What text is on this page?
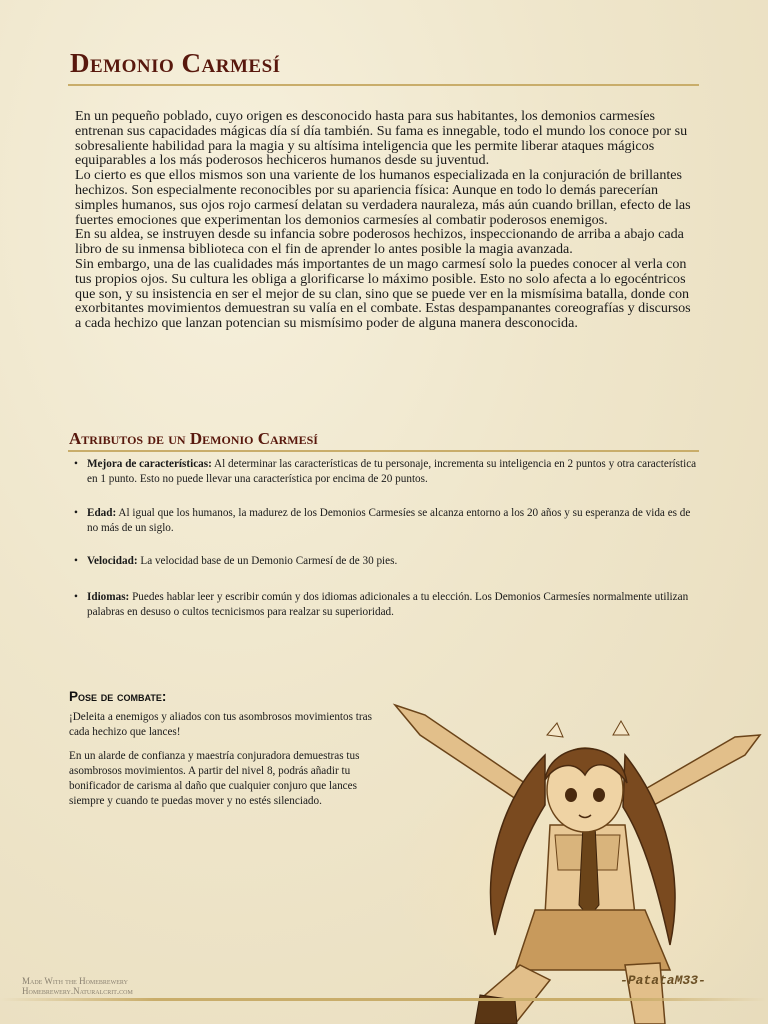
Demonio Carmesí

En un pequeño poblado, cuyo origen es desconocido hasta para sus habitantes, los demonios carmesíes entrenan sus capacidades mágicas día sí día también. Su fama es innegable, todo el mundo los conoce por su sobresaliente habilidad para la magia y su altísima inteligencia que les permite liberar ataques mágicos equiparables a los más poderosos hechiceros humanos desde su juventud.

Lo cierto es que ellos mismos son una variente de los humanos especializada en la conjuración de brillantes hechizos. Son especialmente reconocibles por su apariencia física: Aunque en todo lo demás parecerían simples humanos, sus ojos rojo carmesí delatan su verdadera nauraleza, más aún cuando brillan, efecto de las fuertes emociones que experimentan los demonios carmesíes al combatir poderosos enemigos.

En su aldea, se instruyen desde su infancia sobre poderosos hechizos, inspeccionando de arriba a abajo cada libro de su inmensa biblioteca con el fin de aprender lo antes posible la magia avanzada.

Sin embargo, una de las cualidades más importantes de un mago carmesí solo la puedes conocer al verla con tus propios ojos. Su cultura les obliga a glorificarse lo máximo posible. Esto no solo afecta a lo egocéntricos que son, y su insistencia en ser el mejor de su clan, sino que se puede ver en la mismísima batalla, donde con exorbitantes movimientos demuestran su valía en el combate. Estas despampanantes coreografías y discursos a cada hechizo que lanzan potencian su mismísimo poder de alguna manera desconocida.

Atributos de un Demonio Carmesí
• Mejora de características: Al determinar las características de tu personaje, incrementa su inteligencia en 2 puntos y otra característica en 1 punto. Esto no puede llevar una característica por encima de 20 puntos.
• Edad: Al igual que los humanos, la madurez de los Demonios Carmesíes se alcanza entorno a los 20 años y su esperanza de vida es de no más de un siglo.
• Velocidad: La velocidad base de un Demonio Carmesí de de 30 pies.
• Idiomas: Puedes hablar leer y escribir común y dos idiomas adicionales a tu elección. Los Demonios Carmesíes normalmente utilizan palabras en desuso o cultos tecnicismos para realzar su superioridad.
Pose de combate:

¡Deleita a enemigos y aliados con tus asombrosos movimientos tras cada hechizo que lances!

En un alarde de confianza y maestría conjuradora demuestras tus asombrosos movimientos. A partir del nivel 8, podrás añadir tu bonificador de carisma al daño que cualquier conjuro que lances siempre y cuando te puedas mover y no estés silenciado.

Made With the Homebrewery
Homebrewery.Naturalcrit.com
-PatataM33-
